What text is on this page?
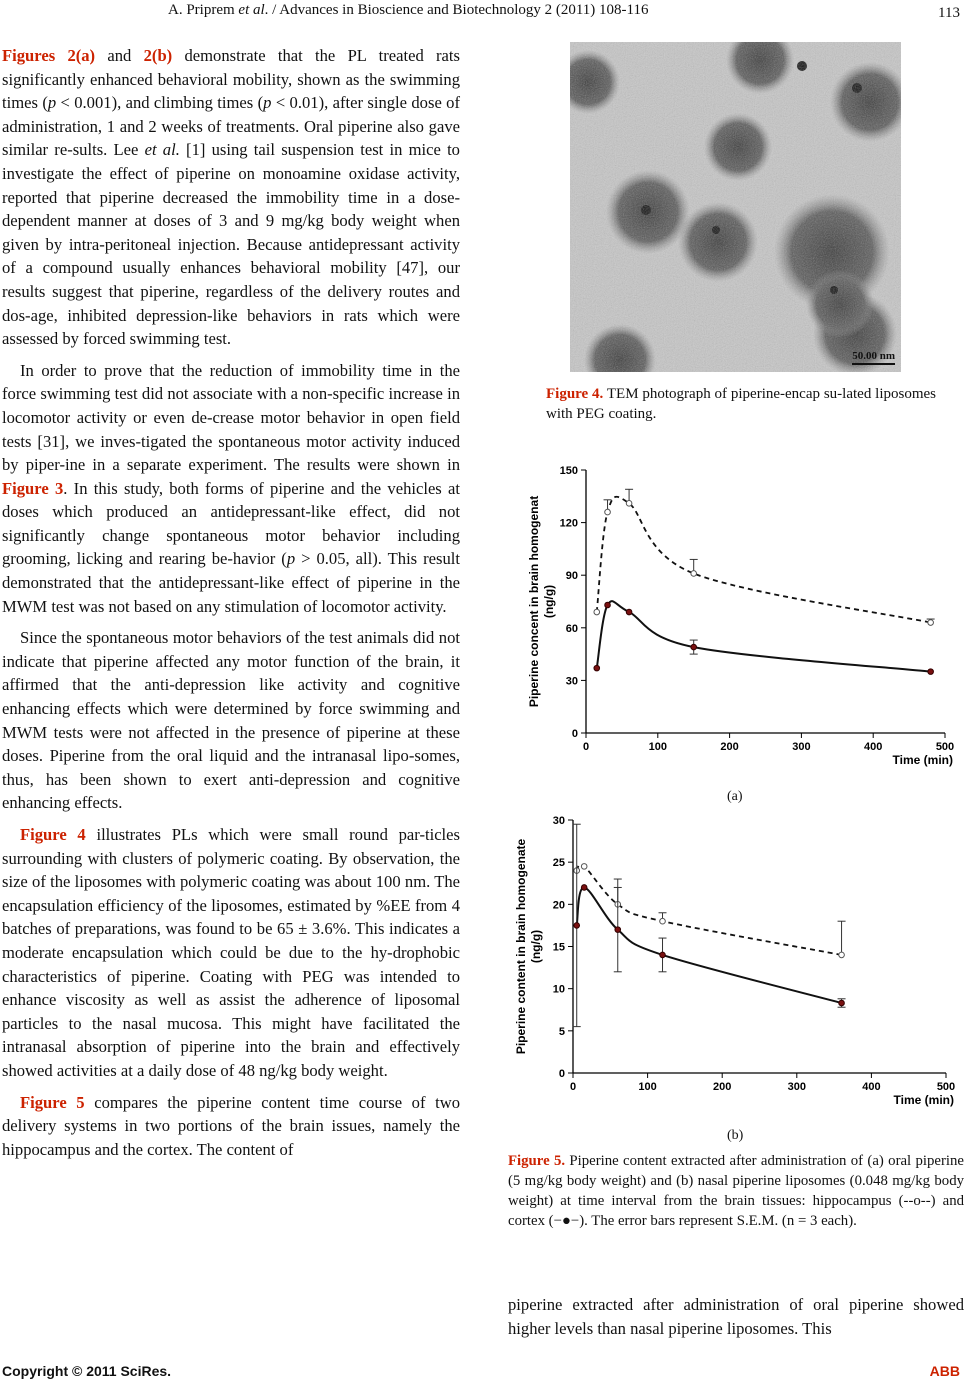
A. Priprem et al. / Advances in Bioscience and Biotechnology 2 (2011) 108-116	113

Figures 2(a) and 2(b) demonstrate that the PL treated rats significantly enhanced behavioral mobility, shown as the swimming times (p < 0.001), and climbing times (p < 0.01), after single dose of administration, 1 and 2 weeks of treatments. Oral piperine also gave similar re-sults. Lee et al. [1] using tail suspension test in mice to investigate the effect of piperine on monoamine oxidase activity, reported that piperine decreased the immobility time in a dose-dependent manner at doses of 3 and 9 mg/kg body weight when given by intra-peritoneal injection. Because antidepressant activity of a compound usually enhances behavioral mobility [47], our results suggest that piperine, regardless of the delivery routes and dos-age, inhibited depression-like behaviors in rats which were assessed by forced swimming test.

In order to prove that the reduction of immobility time in the force swimming test did not associate with a non-specific increase in locomotor activity or even de-crease motor behavior in open field tests [31], we inves-tigated the spontaneous motor activity induced by piper-ine in a separate experiment. The results were shown in Figure 3. In this study, both forms of piperine and the vehicles at doses which produced an antidepressant-like effect, did not significantly change spontaneous motor behavior including grooming, licking and rearing be-havior (p > 0.05, all). This result demonstrated that the antidepressant-like effect of piperine in the MWM test was not based on any stimulation of locomotor activity.

Since the spontaneous motor behaviors of the test animals did not indicate that piperine affected any motor function of the brain, it affirmed that the anti-depression like activity and cognitive enhancing effects which were determined by force swimming and MWM tests were not affected in the presence of piperine at these doses. Piperine from the oral liquid and the intranasal lipo-somes, thus, has been shown to exert anti-depression and cognitive enhancing effects.

Figure 4 illustrates PLs which were small round par-ticles surrounding with clusters of polymeric coating. By observation, the size of the liposomes with polymeric coating was about 100 nm. The encapsulation efficiency of the liposomes, estimated by %EE from 4 batches of preparations, was found to be 65 ± 3.6%. This indicates a moderate encapsulation which could be due to the hy-drophobic characteristics of piperine. Coating with PEG was intended to enhance viscosity as well as assist the adherence of liposomal particles to the nasal mucosa. This might have facilitated the intranasal absorption of piperine into the brain and effectively showed activities at a daily dose of 48 ng/kg body weight.

Figure 5 compares the piperine content time course of two delivery systems in two portions of the brain issues, namely the hippocampus and the cortex. The content of

50.00 nm
Figure 4. TEM photograph of piperine-encap su-lated liposomes with PEG coating.
0
30
60
90
120
150
0	100	200	300	400	500
Time (min)
Piperine concent in brain homogenat (ng/g)
(a)
0
5
10
15
20
25
30
0	100	200	300	400	500
Time (min)
Piperine content in brain homogenate (ng/g)
(b)
Figure 5. Piperine content extracted after administration of (a) oral piperine (5 mg/kg body weight) and (b) nasal piperine liposomes (0.048 mg/kg body weight) at time interval from the brain tissues: hippocampus (--o--) and cortex (−●−). The error bars represent S.E.M. (n = 3 each).
piperine extracted after administration of oral piperine showed higher levels than nasal piperine liposomes. This
Copyright © 2011 SciRes.	ABB
